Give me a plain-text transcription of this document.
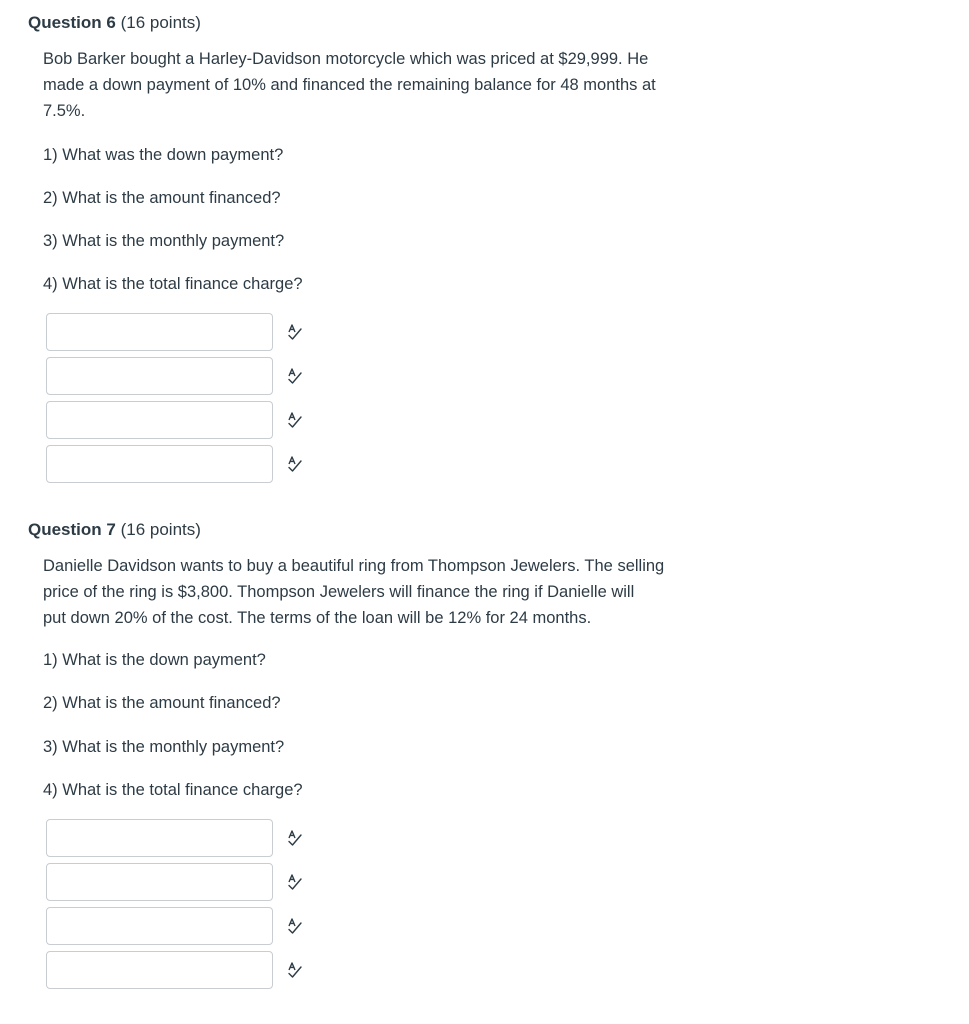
Question 6 (16 points)
Bob Barker bought a Harley-Davidson motorcycle which was priced at $29,999. He
made a down payment of 10% and financed the remaining balance for 48 months at
7.5%.
1) What was the down payment?
2) What is the amount financed?
3) What is the monthly payment?
4) What is the total finance charge?
Question 7 (16 points)
Danielle Davidson wants to buy a beautiful ring from Thompson Jewelers. The selling
price of the ring is $3,800. Thompson Jewelers will finance the ring if Danielle will
put down 20% of the cost. The terms of the loan will be 12% for 24 months.
1) What is the down payment?
2) What is the amount financed?
3) What is the monthly payment?
4) What is the total finance charge?
